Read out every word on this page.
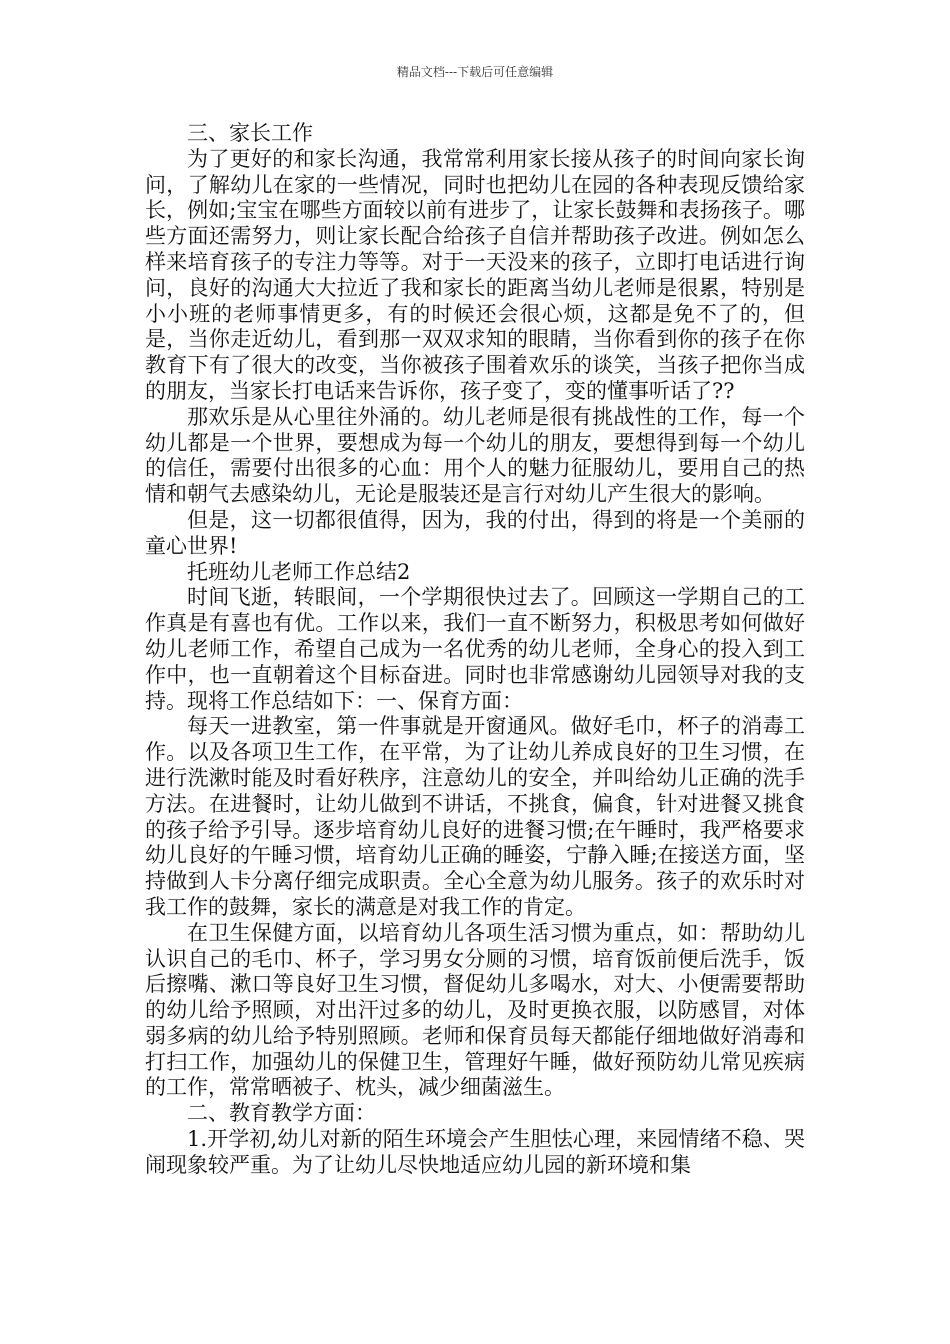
精品文档---下载后可任意编辑

三、家长工作

为了更好的和家长沟通，我常常利用家长接从孩子的时间向家长询问，了解幼儿在家的一些情况，同时也把幼儿在园的各种表现反馈给家长，例如;宝宝在哪些方面较以前有进步了，让家长鼓舞和表扬孩子。哪些方面还需努力，则让家长配合给孩子自信并帮助孩子改进。例如怎么样来培育孩子的专注力等等。对于一天没来的孩子，立即打电话进行询问，良好的沟通大大拉近了我和家长的距离当幼儿老师是很累，特别是小小班的老师事情更多，有的时候还会很心烦，这都是免不了的，但是，当你走近幼儿，看到那一双双求知的眼睛，当你看到你的孩子在你教育下有了很大的改变，当你被孩子围着欢乐的谈笑，当孩子把你当成的朋友，当家长打电话来告诉你，孩子变了，变的懂事听话了??

那欢乐是从心里往外涌的。幼儿老师是很有挑战性的工作，每一个幼儿都是一个世界，要想成为每一个幼儿的朋友，要想得到每一个幼儿的信任，需要付出很多的心血：用个人的魅力征服幼儿，要用自己的热情和朝气去感染幼儿，无论是服装还是言行对幼儿产生很大的影响。

但是，这一切都很值得，因为，我的付出，得到的将是一个美丽的童心世界!

托班幼儿老师工作总结2

时间飞逝，转眼间，一个学期很快过去了。回顾这一学期自己的工作真是有喜也有优。工作以来，我们一直不断努力，积极思考如何做好幼儿老师工作，希望自己成为一名优秀的幼儿老师，全身心的投入到工作中，也一直朝着这个目标奋进。同时也非常感谢幼儿园领导对我的支持。现将工作总结如下：一、保育方面：

每天一进教室，第一件事就是开窗通风。做好毛巾，杯子的消毒工作。以及各项卫生工作，在平常，为了让幼儿养成良好的卫生习惯，在进行洗漱时能及时看好秩序，注意幼儿的安全，并叫给幼儿正确的洗手方法。在进餐时，让幼儿做到不讲话，不挑食，偏食，针对进餐又挑食的孩子给予引导。逐步培育幼儿良好的进餐习惯;在午睡时，我严格要求幼儿良好的午睡习惯，培育幼儿正确的睡姿，宁静入睡;在接送方面，坚持做到人卡分离仔细完成职责。全心全意为幼儿服务。孩子的欢乐时对我工作的鼓舞，家长的满意是对我工作的肯定。

在卫生保健方面，以培育幼儿各项生活习惯为重点，如：帮助幼儿认识自己的毛巾、杯子，学习男女分厕的习惯，培育饭前便后洗手，饭后擦嘴、漱口等良好卫生习惯，督促幼儿多喝水，对大、小便需要帮助的幼儿给予照顾，对出汗过多的幼儿，及时更换衣服，以防感冒，对体弱多病的幼儿给予特别照顾。老师和保育员每天都能仔细地做好消毒和打扫工作，加强幼儿的保健卫生，管理好午睡，做好预防幼儿常见疾病的工作，常常晒被子、枕头，减少细菌滋生。

二、教育教学方面：

1.开学初,幼儿对新的陌生环境会产生胆怯心理，来园情绪不稳、哭闹现象较严重。为了让幼儿尽快地适应幼儿园的新环境和集
